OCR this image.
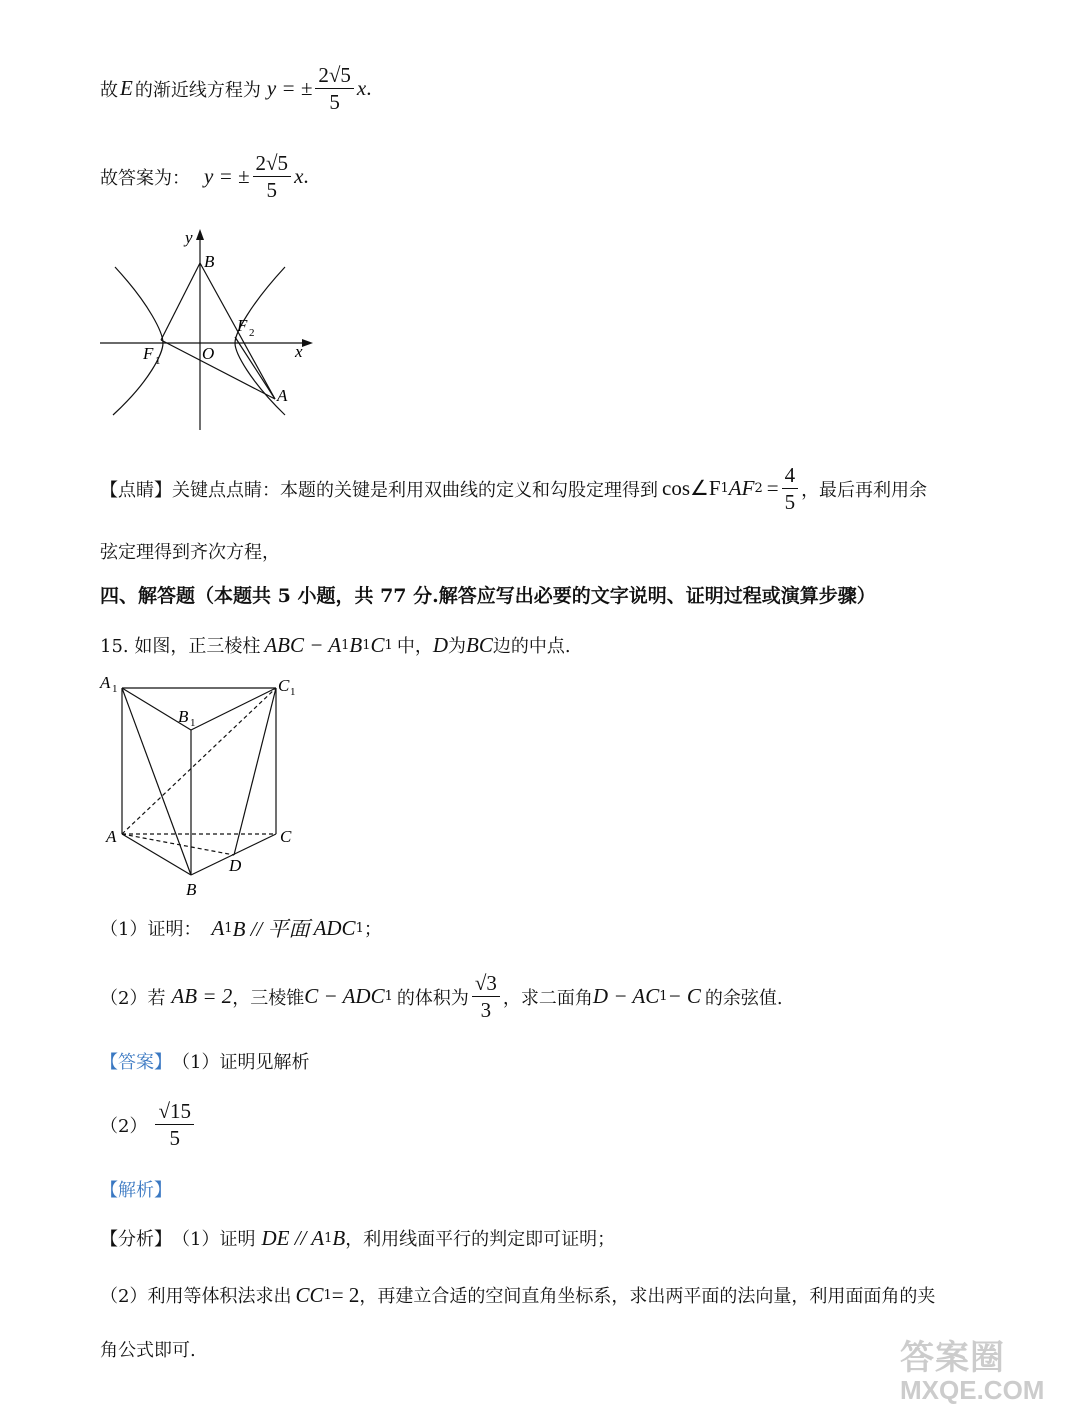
故 E 的渐近线方程为 y = ± $\frac{2√5}{5}$ x .
故答案为： y = ± $\frac{2√5}{5}$ x .
y
x
B
O
F 1
F 2
A
【点睛】 关键点点睛：本题的关键是利用双曲线的定义和勾股定理得到 cos∠F 1 AF $2 = \frac{4}{5}$ ，最后再利用余
弦定理得到齐次方程，
四、解答题（本题共 5 小题，共 77 分.解答应写出必要的文字说明、证明过程或演算步骤）
15. 如图，正三棱柱 ABC − A 1 B 1 C 1 中， D 为 BC 边的中点.
A 1	C 1
B 1
A	C
D
B
（1）证明： A 1 B // 平面 ADC 1 ；
（2）若 AB = 2 ，三棱锥 C − ADC 1 的体积为 $\frac{√3}{3}$ ，求二面角 D − AC 1 − C 的余弦值.
【答案】 （1）证明见解析
$(2) \frac{√15}{5}$
【解析】
【分析】 （1）证明 DE // A 1 B ，利用线面平行的判定即可证明；
（2）利用等体积法求出 CC 1 = 2 ，再建立合适的空间直角坐标系，求出两平面的法向量，利用面面角的夹
角公式即可.	答案圈
MXQE.COM
